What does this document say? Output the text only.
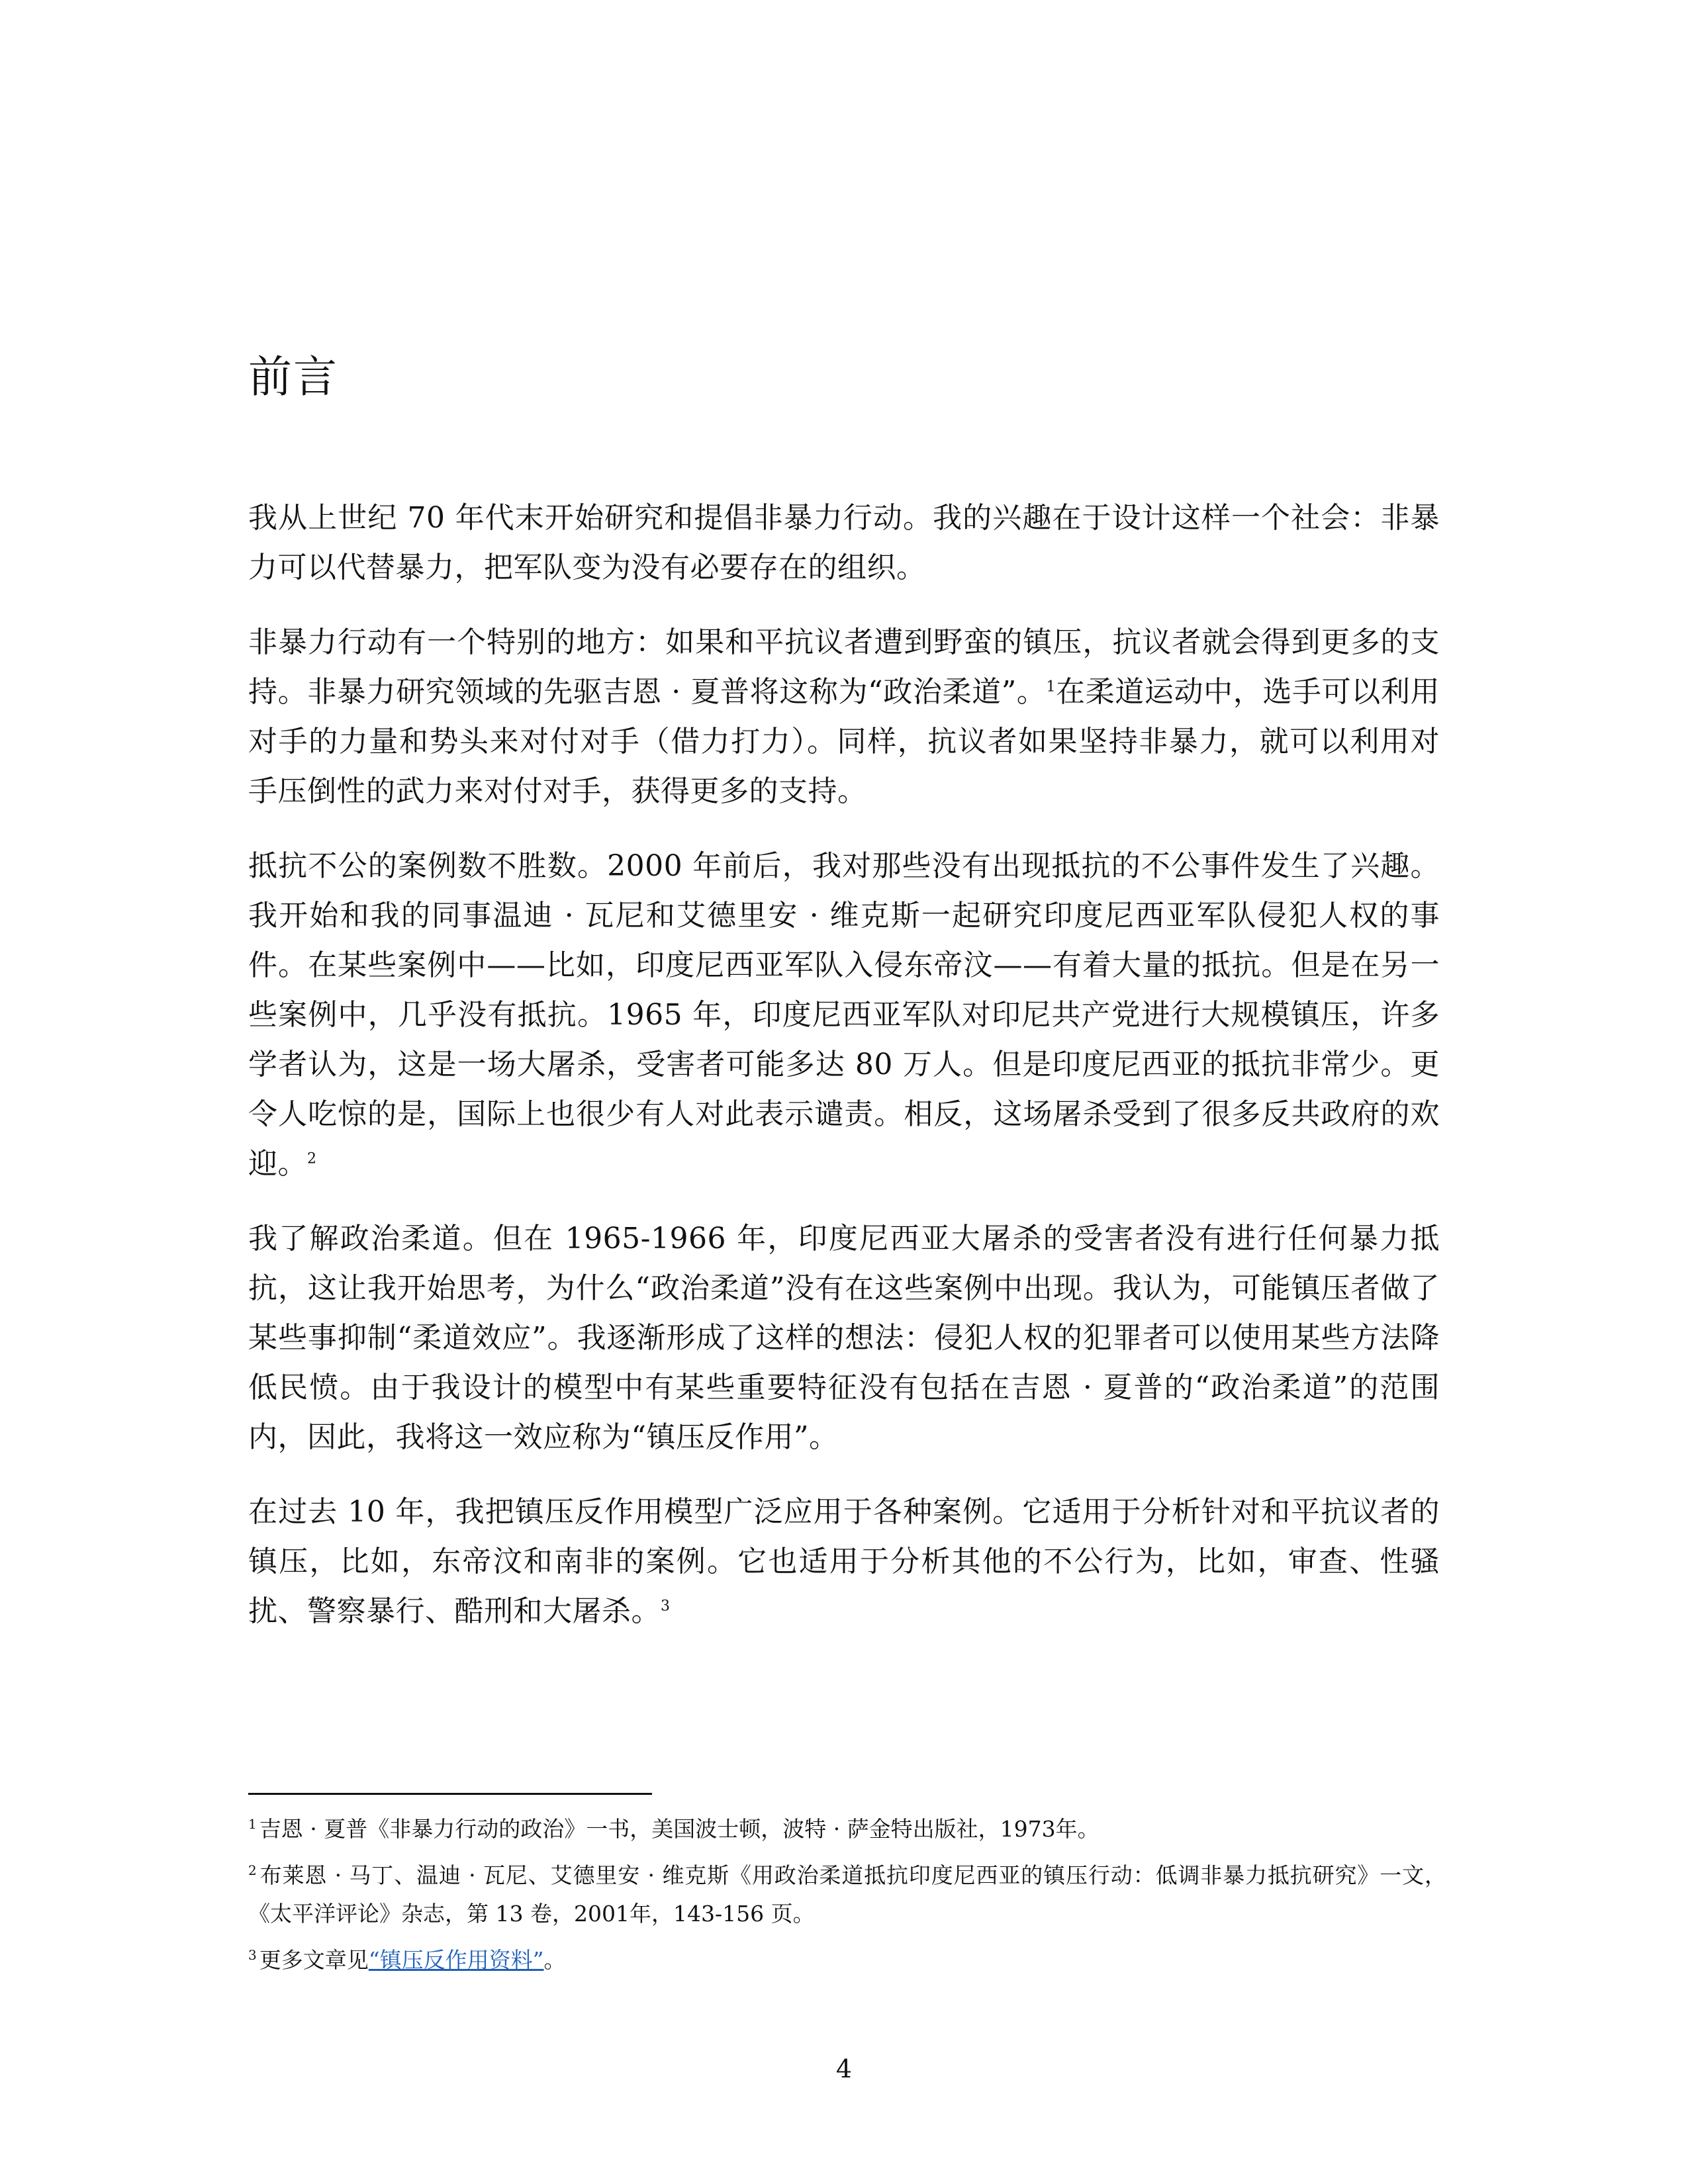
前言

我从上世纪 70 年代末开始研究和提倡非暴力行动。我的兴趣在于设计这样一个社会：非暴力可以代替暴力，把军队变为没有必要存在的组织。

非暴力行动有一个特别的地方：如果和平抗议者遭到野蛮的镇压，抗议者就会得到更多的支持。非暴力研究领域的先驱吉恩 · 夏普将这称为“政治柔道”。$^1$在柔道运动中，选手可以利用对手的力量和势头来对付对手（借力打力）。同样，抗议者如果坚持非暴力，就可以利用对手压倒性的武力来对付对手，获得更多的支持。

抵抗不公的案例数不胜数。2000 年前后，我对那些没有出现抵抗的不公事件发生了兴趣。我开始和我的同事温迪 · 瓦尼和艾德里安 · 维克斯一起研究印度尼西亚军队侵犯人权的事件。在某些案例中——比如，印度尼西亚军队入侵东帝汶——有着大量的抵抗。但是在另一些案例中，几乎没有抵抗。1965 年，印度尼西亚军队对印尼共产党进行大规模镇压，许多学者认为，这是一场大屠杀，受害者可能多达 80 万人。但是印度尼西亚的抵抗非常少。更令人吃惊的是，国际上也很少有人对此表示谴责。相反，这场屠杀受到了很多反共政府的欢迎。$^2$

我了解政治柔道。但在 1965-1966 年，印度尼西亚大屠杀的受害者没有进行任何暴力抵抗，这让我开始思考，为什么“政治柔道”没有在这些案例中出现。我认为，可能镇压者做了某些事抑制“柔道效应”。我逐渐形成了这样的想法：侵犯人权的犯罪者可以使用某些方法降低民愤。由于我设计的模型中有某些重要特征没有包括在吉恩 · 夏普的“政治柔道”的范围内，因此，我将这一效应称为“镇压反作用”。

在过去 10 年，我把镇压反作用模型广泛应用于各种案例。它适用于分析针对和平抗议者的镇压，比如，东帝汶和南非的案例。它也适用于分析其他的不公行为，比如，审查、性骚扰、警察暴行、酷刑和大屠杀。$^3$

$^1$ 吉恩 · 夏普《非暴力行动的政治》一书，美国波士顿，波特 · 萨金特出版社，1973年。

$^2$ 布莱恩 · 马丁、温迪 · 瓦尼、艾德里安 · 维克斯《用政治柔道抵抗印度尼西亚的镇压行动：低调非暴力抵抗研究》一文，《太平洋评论》杂志，第 13 卷，2001年，143-156 页。

$^3$ 更多文章见“镇压反作用资料”。

4
